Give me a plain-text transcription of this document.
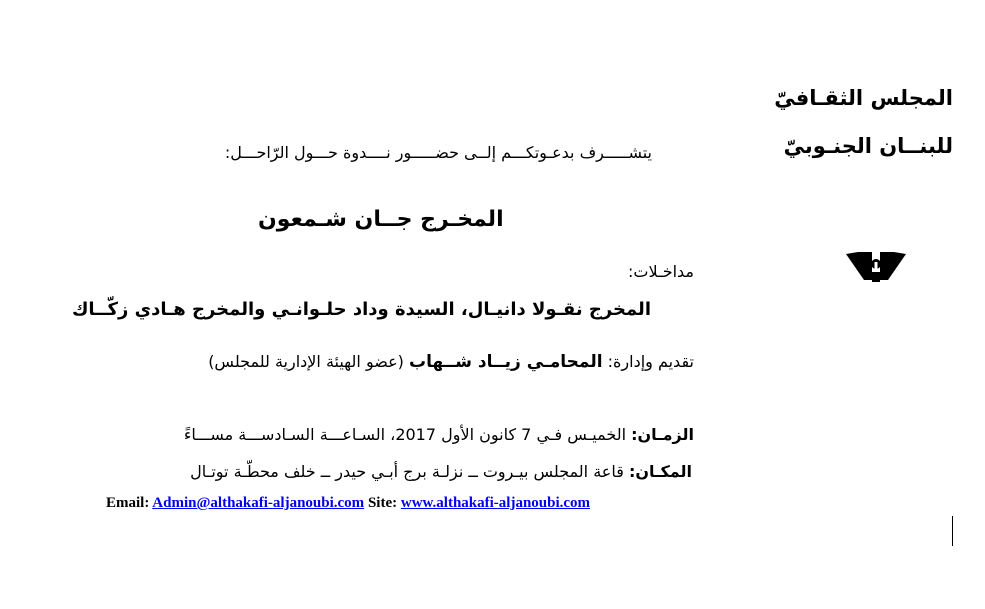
المجلس الثقـافيّ
للبنــان الجنـوبيّ
يتشـــــرف بدعـوتكـــم إلــى حضـــــور نــــدوة حـــول الرّاحـــل:
المخـرج جــان شـمعون
مداخـلات:
المخرج نقـولا دانيـال، السيدة وداد حلـوانـي والمخرج هـادي زكّــاك
تقديم وإدارة: المحامـي زيــاد شــهاب (عضو الهيئة الإدارية للمجلس)
الزمـان: الخميـس فـي 7 كانون الأول 2017، السـاعـــة السـادســـة مســـاءً
المكـان: قاعة المجلس بيـروت ــ نزلـة برج أبـي حيدر ــ خلف محطّـة توتـال
Email: Admin@althakafi-aljanoubi.com Site: www.althakafi-aljanoubi.com
